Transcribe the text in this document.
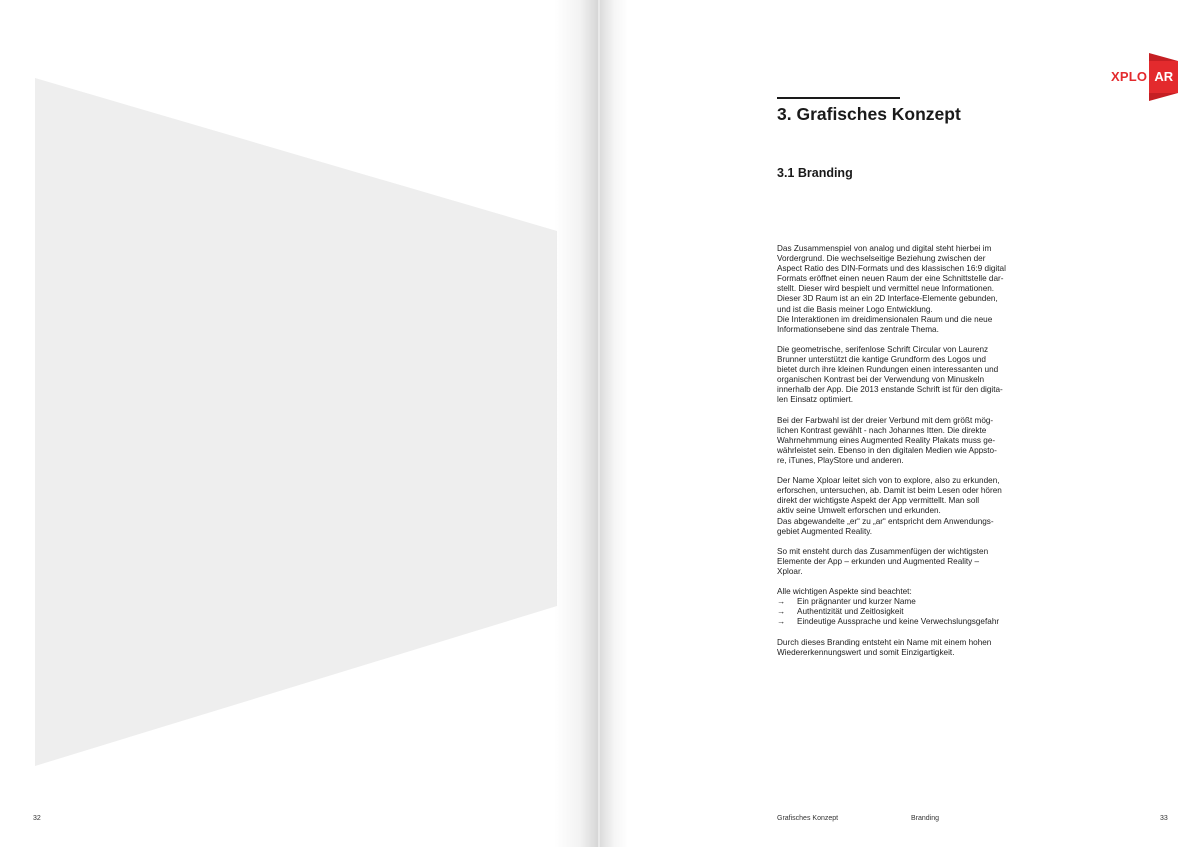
32
XPLO AR
3. Grafisches Konzept
3.1 Branding

Das Zusammenspiel von analog und digital steht hierbei im
Vordergrund. Die wechselseitige Beziehung zwischen der
Aspect Ratio des DIN-Formats und des klassischen 16:9 digital
Formats eröffnet einen neuen Raum der eine Schnittstelle dar-
stellt. Dieser wird bespielt und vermittel neue Informationen.
Dieser 3D Raum ist an ein 2D Interface-Elemente gebunden,
und ist die Basis meiner Logo Entwicklung.
Die Interaktionen im dreidimensionalen Raum und die neue
Informationsebene sind das zentrale Thema.

Die geometrische, serifenlose Schrift Circular von Laurenz
Brunner unterstützt die kantige Grundform des Logos und
bietet durch ihre kleinen Rundungen einen interessanten und
organischen Kontrast bei der Verwendung von Minuskeln
innerhalb der App. Die 2013 enstande Schrift ist für den digita-
len Einsatz optimiert.

Bei der Farbwahl ist der dreier Verbund mit dem größt mög-
lichen Kontrast gewählt - nach Johannes Itten. Die direkte
Wahrnehmmung eines Augmented Reality Plakats muss ge-
währleistet sein. Ebenso in den digitalen Medien wie Appsto-
re, iTunes, PlayStore und anderen.

Der Name Xploar leitet sich von to explore, also zu erkunden,
erforschen, untersuchen, ab. Damit ist beim Lesen oder hören
direkt der wichtigste Aspekt der App vermittellt. Man soll
aktiv seine Umwelt erforschen und erkunden.
Das abgewandelte „er“ zu „ar“ entspricht dem Anwendungs-
gebiet Augmented Reality.

So mit ensteht durch das Zusammenfügen der wichtigsten
Elemente der App – erkunden und Augmented Reality –
Xploar.

Alle wichtigen Aspekte sind beachtet:
→	Ein prägnanter und kurzer Name
→	Authentizität und Zeitlosigkeit
→	Eindeutige Aussprache und keine Verwechslungsgefahr

Durch dieses Branding entsteht ein Name mit einem hohen
Wiedererkennungswert und somit Einzigartigkeit.

Grafisches Konzept	Branding	33
